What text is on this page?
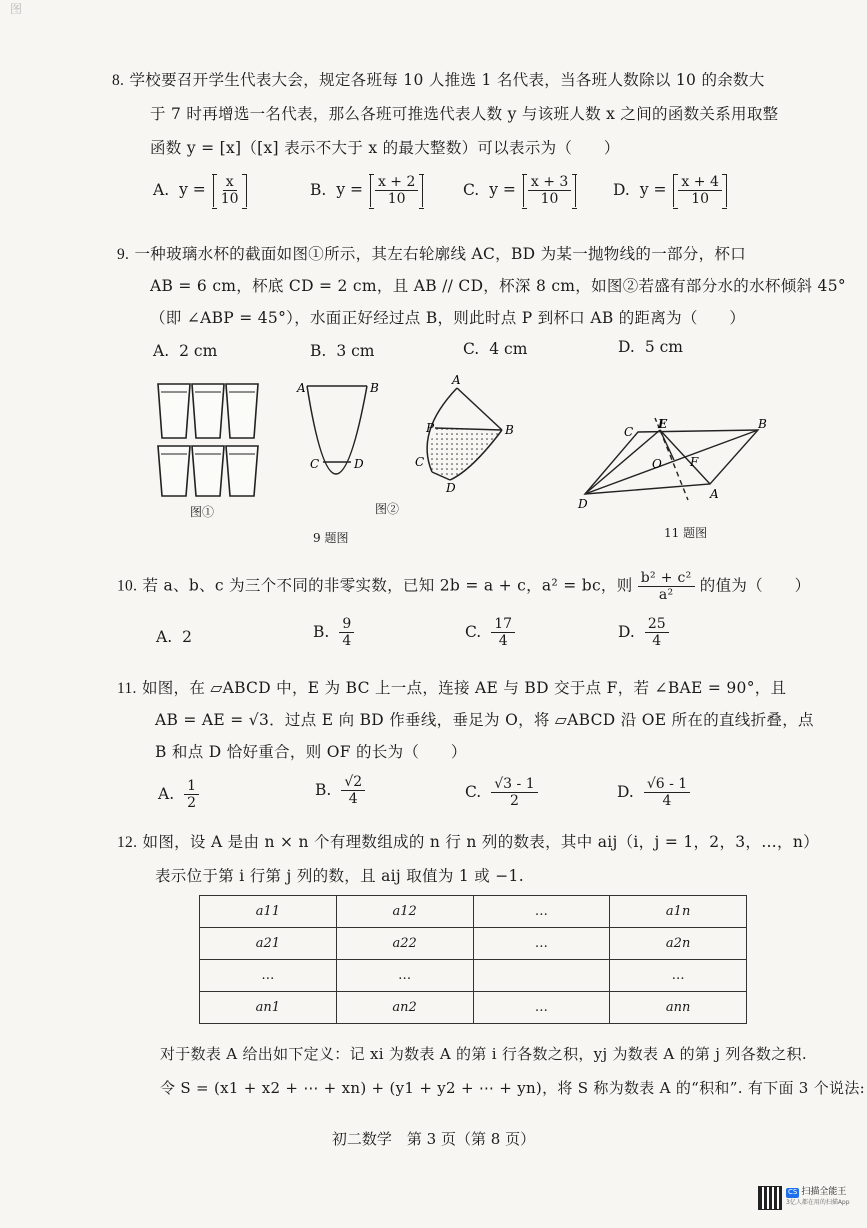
图
8. 学校要召开学生代表大会，规定各班每 10 人推选 1 名代表，当各班人数除以 10 的余数大
于 7 时再增选一名代表，那么各班可推选代表人数 y 与该班人数 x 之间的函数关系用取整
函数 y = [x]（[x] 表示不大于 x 的最大整数）可以表示为（　　）
A. $y = \frac{x}{10}$	B. $y = \frac{x + 2}{10}$	C. $y = \frac{x + 3}{10}$	D. $y = \frac{x + 4}{10}$
9. 一种玻璃水杯的截面如图①所示，其左右轮廓线 AC，BD 为某一抛物线的一部分，杯口
AB = 6 cm，杯底 CD = 2 cm，且 AB // CD，杯深 8 cm，如图②若盛有部分水的水杯倾斜 45°
（即 ∠ABP = 45°），水面正好经过点 B，则此时点 P 到杯口 AB 的距离为（　　）
A. 2 cm	B. 3 cm	C. 4 cm	D. 5 cm
A	B
C	D
A
P	B
C
D
C
E	B
O F
A
D
图①	图②
9 题图	11 题图
10. 若 a、b、c 为三个不同的非零实数，已知 2b = a + c，a² = bc，则 $\frac{\text{b² + c²}}{\text{a²}}$ 的值为（　　）
A. 2	B. $\frac{9}{4}$	C. $\frac{17}{4}$	D. $\frac{25}{4}$
11. 如图，在 ▱ABCD 中，E 为 BC 上一点，连接 AE 与 BD 交于点 F，若 ∠BAE = 90°，且
AB = AE = √3．过点 E 向 BD 作垂线，垂足为 O，将 ▱ABCD 沿 OE 所在的直线折叠，点
B 和点 D 恰好重合，则 OF 的长为（　　）
A. $\frac{1}{2}$	B. $\frac{√2}{4}$	C. $\frac{√3 - 1}{2}$	D. $\frac{√6 - 1}{4}$
12. 如图，设 A 是由 n × n 个有理数组成的 n 行 n 列的数表，其中 aij（i，j = 1，2，3，…，n）
表示位于第 i 行第 j 列的数，且 aij 取值为 1 或 −1.
a11	a12	…	a1n
a21	a22	…	a2n
…	…		…
an1	an2	…	ann
对于数表 A 给出如下定义：记 xi 为数表 A 的第 i 行各数之积，yj 为数表 A 的第 j 列各数之积.
令 S = (x1 + x2 + ⋯ + xn) + (y1 + y2 + ⋯ + yn)，将 S 称为数表 A 的“积和”. 有下面 3 个说法:
初二数学　第 3 页（第 8 页）
CS 扫描全能王
3亿人都在用的扫描App
